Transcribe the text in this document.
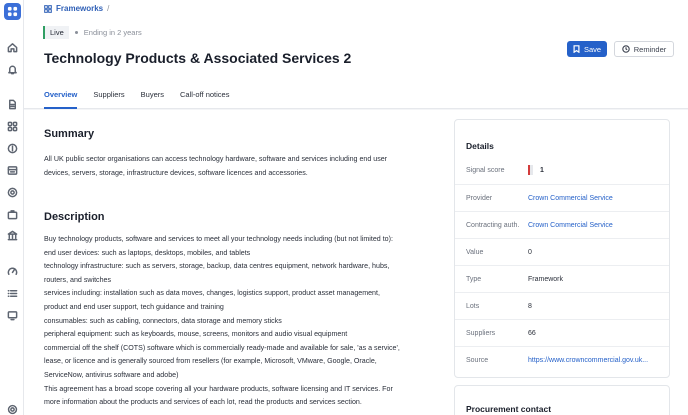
Frameworks /
Live	Ending in 2 years
Technology Products & Associated Services 2
Save	Reminder
Overview Suppliers Buyers Call-off notices
Summary
All UK public sector organisations can access technology hardware, software and services including end user
devices, servers, storage, infrastructure devices, software licences and accessories.
Description
Buy technology products, software and services to meet all your technology needs including (but not limited to):
end user devices: such as laptops, desktops, mobiles, and tablets
technology infrastructure: such as servers, storage, backup, data centres equipment, network hardware, hubs,
routers, and switches
services including: installation such as data moves, changes, logistics support, product asset management,
product and end user support, tech guidance and training
consumables: such as cabling, connectors, data storage and memory sticks
peripheral equipment: such as keyboards, mouse, screens, monitors and audio visual equipment
commercial off the shelf (COTS) software which is commercially ready-made and available for sale, 'as a service',
lease, or licence and is generally sourced from resellers (for example, Microsoft, VMware, Google, Oracle,
ServiceNow, antivirus software and adobe)
This agreement has a broad scope covering all your hardware products, software licensing and IT services. For
more information about the products and services of each lot, read the products and services section.
Details
Signal score	1
Provider	Crown Commercial Service
Contracting auth. Crown Commercial Service
Value	0
Type	Framework
Lots	8
Suppliers	66
Source	https://www.crowncommercial.gov.uk...
Procurement contact
